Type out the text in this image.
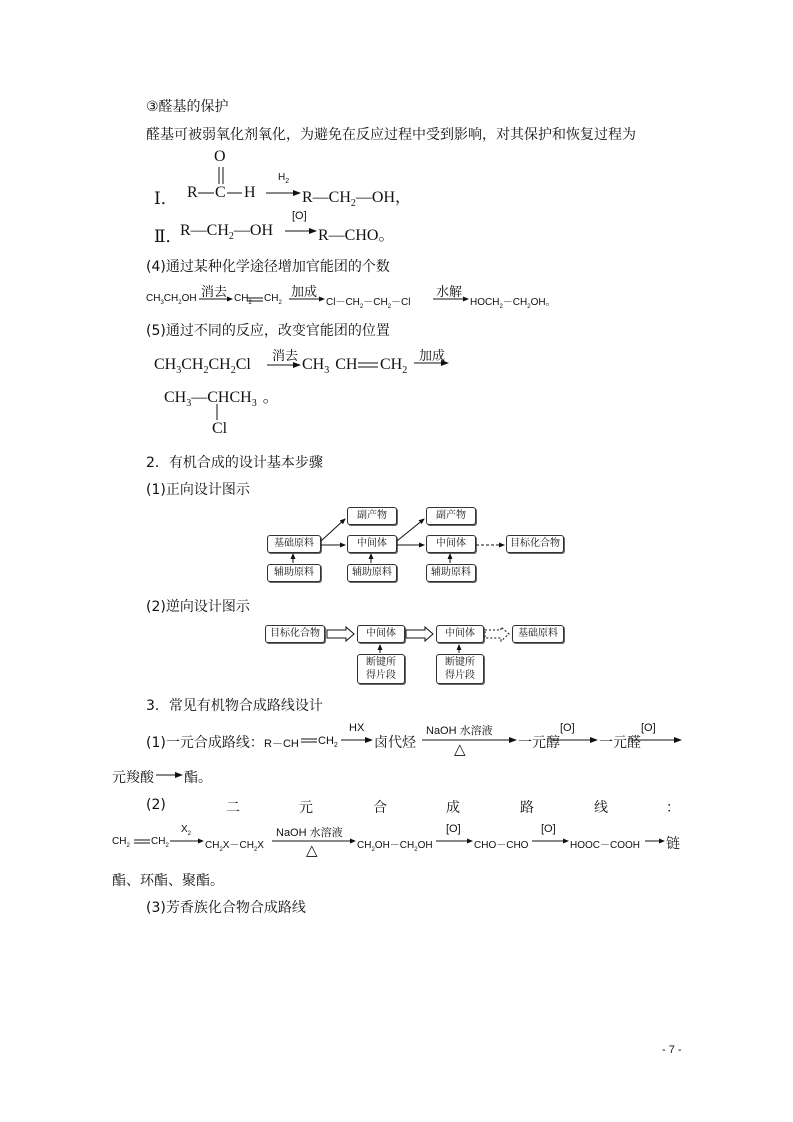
③醛基的保护
醛基可被弱氧化剂氧化，为避免在反应过程中受到影响，对其保护和恢复过程为
O
Ⅰ． R C H
$H_2$
$R—CH_2—OH$，
Ⅱ．
$R—CH_2—OH$
[O]
R—CHO。
(4)通过某种化学途径增加官能团的个数
$CH_3CH_2OH$ 消去 $CH_2$ $CH_2$
加成
$Cl-CH_2-CH_2-Cl$
水解
$HOCH_2-CH_2OH$。
(5)通过不同的反应，改变官能团的位置
$CH_3CH_2CH_2Cl$ 消去 $CH_3$ CH $CH_2$
加成
$CH_3—CHCH_3$ 。
Cl
2．有机合成的设计基本步骤
(1)正向设计图示
基础原料
辅助原料
副产物
中间体
辅助原料
副产物
中间体
辅助原料
目标化合物
(2)逆向设计图示
目标化合物	中间体
断键所
得片段
中间体
断键所
得片段
基础原料
3．常见有机物合成路线设计
(1)一元合成路线： R－CH $CH_2$
HX
卤代烃
NaOH 水溶液
△	一元醇
[O]
一元醛
[O]
元羧酸 酯。
(2)	二	元	合	成	路	线	：
$CH_2$ $CH_2$
$X_2$
$CH_2X-CH_2X$
NaOH 水溶液
△	$CH_2OH-CH_2OH$
[O]
CHO－CHO
[O]
HOOC－COOH 链
酯、环酯、聚酯。
(3)芳香族化合物合成路线
- 7 -
